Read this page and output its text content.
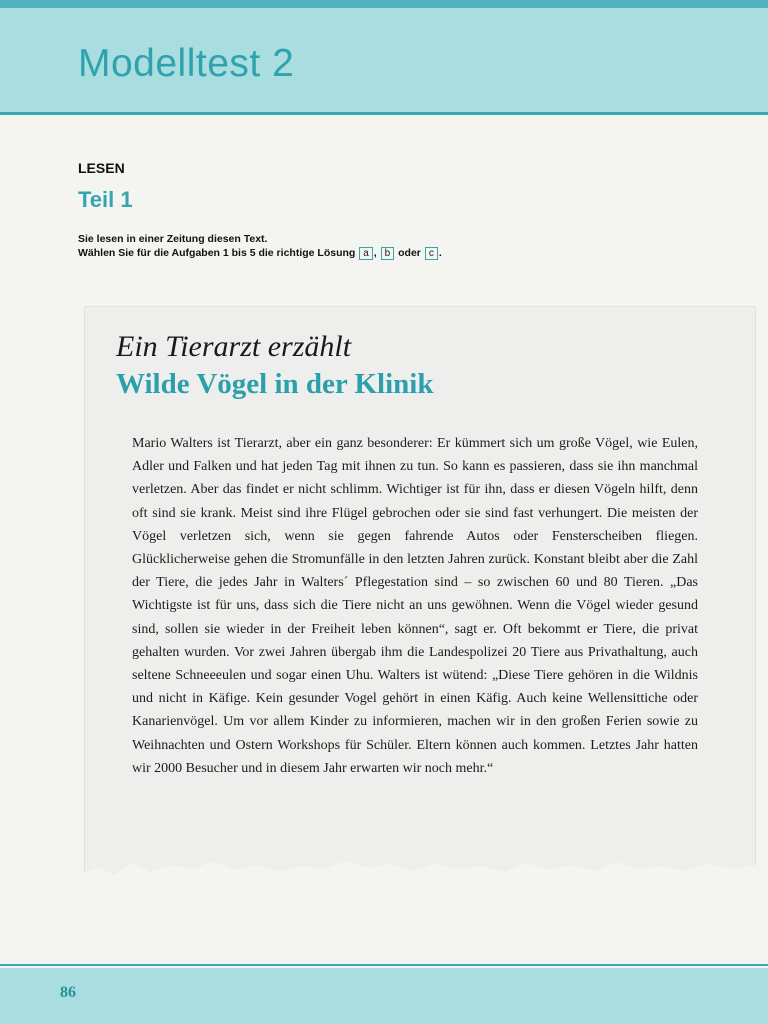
Modelltest 2
LESEN
Teil 1
Sie lesen in einer Zeitung diesen Text.
Wählen Sie für die Aufgaben 1 bis 5 die richtige Lösung a , b oder c .
Ein Tierarzt erzählt
Wilde Vögel in der Klinik

Mario Walters ist Tierarzt, aber ein ganz besonderer: Er kümmert sich um große Vögel, wie Eulen, Adler und Falken und hat jeden Tag mit ihnen zu tun. So kann es passieren, dass sie ihn manchmal verletzen. Aber das findet er nicht schlimm. Wichtiger ist für ihn, dass er diesen Vögeln hilft, denn oft sind sie krank. Meist sind ihre Flügel gebrochen oder sie sind fast verhungert. Die meisten der Vögel verletzen sich, wenn sie gegen fahrende Autos oder Fensterscheiben fliegen. Glücklicherweise gehen die Stromunfälle in den letzten Jahren zurück. Konstant bleibt aber die Zahl der Tiere, die jedes Jahr in Walters´ Pflegestation sind – so zwischen 60 und 80 Tieren. „Das Wichtigste ist für uns, dass sich die Tiere nicht an uns gewöhnen. Wenn die Vögel wieder gesund sind, sollen sie wieder in der Freiheit leben können“, sagt er. Oft bekommt er Tiere, die privat gehalten wurden. Vor zwei Jahren übergab ihm die Landespolizei 20 Tiere aus Privathaltung, auch seltene Schneeeulen und sogar einen Uhu. Walters ist wütend: „Diese Tiere gehören in die Wildnis und nicht in Käfige. Kein gesunder Vogel gehört in einen Käfig. Auch keine Wellensittiche oder Kanarienvögel. Um vor allem Kinder zu informieren, machen wir in den großen Ferien sowie zu Weihnachten und Ostern Workshops für Schüler. Eltern können auch kommen. Letztes Jahr hatten wir 2000 Besucher und in diesem Jahr erwarten wir noch mehr.“

86
